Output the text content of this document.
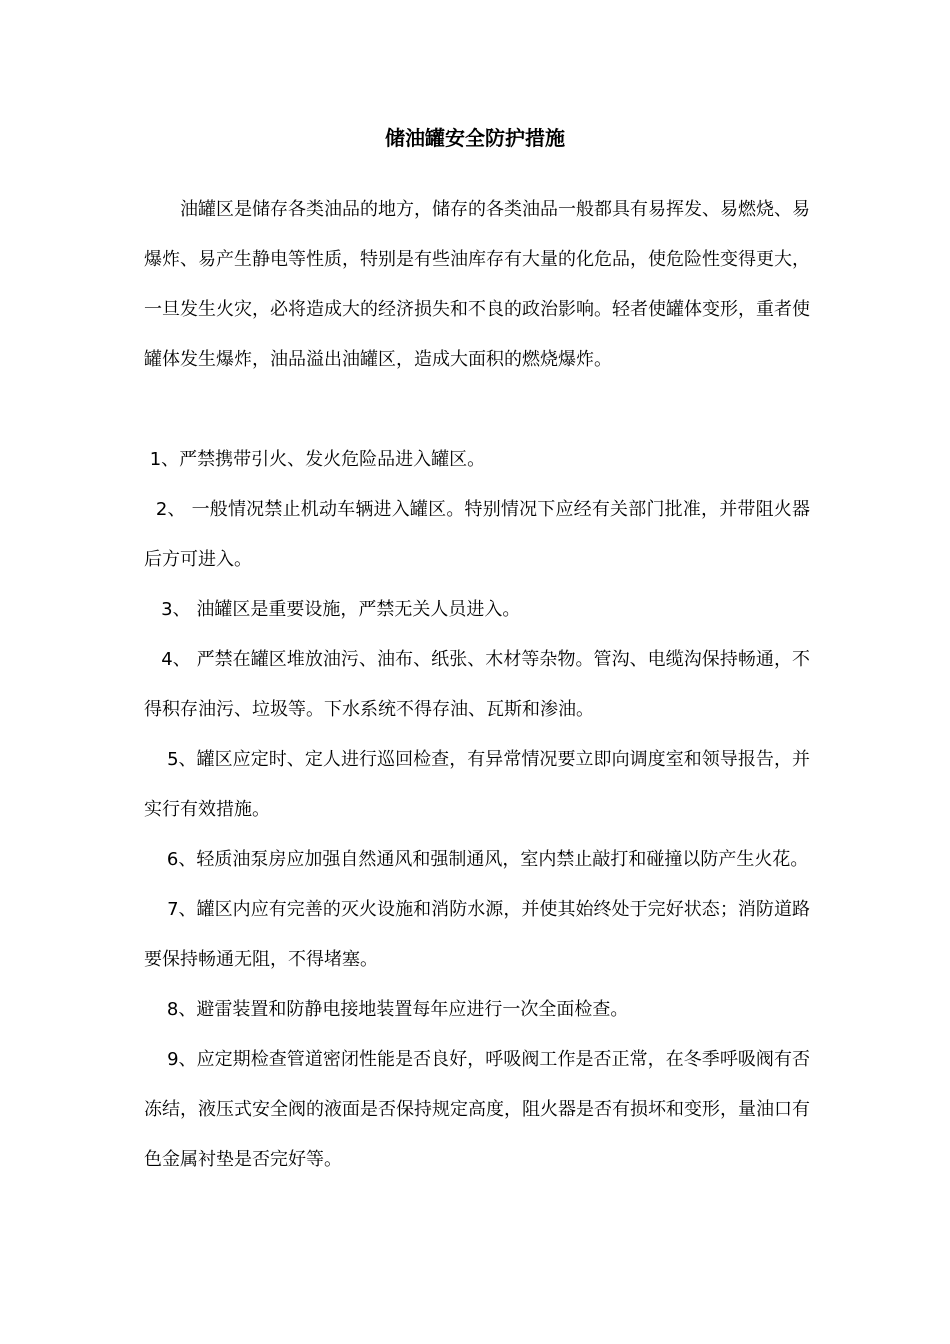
储油罐安全防护措施

油罐区是储存各类油品的地方，储存的各类油品一般都具有易挥发、易燃烧、易爆炸、易产生静电等性质，特别是有些油库存有大量的化危品，使危险性变得更大，一旦发生火灾，必将造成大的经济损失和不良的政治影响。轻者使罐体变形，重者使罐体发生爆炸，油品溢出油罐区，造成大面积的燃烧爆炸。

1、严禁携带引火、发火危险品进入罐区。

2、 一般情况禁止机动车辆进入罐区。特别情况下应经有关部门批准，并带阻火器后方可进入。

3、 油罐区是重要设施，严禁无关人员进入。

4、 严禁在罐区堆放油污、油布、纸张、木材等杂物。管沟、电缆沟保持畅通，不得积存油污、垃圾等。下水系统不得存油、瓦斯和渗油。

5、罐区应定时、定人进行巡回检查，有异常情况要立即向调度室和领导报告，并实行有效措施。

6、轻质油泵房应加强自然通风和强制通风，室内禁止敲打和碰撞以防产生火花。

7、罐区内应有完善的灭火设施和消防水源，并使其始终处于完好状态；消防道路要保持畅通无阻，不得堵塞。

8、避雷装置和防静电接地装置每年应进行一次全面检查。

9、应定期检查管道密闭性能是否良好，呼吸阀工作是否正常，在冬季呼吸阀有否冻结，液压式安全阀的液面是否保持规定高度，阻火器是否有损坏和变形，量油口有色金属衬垫是否完好等。
